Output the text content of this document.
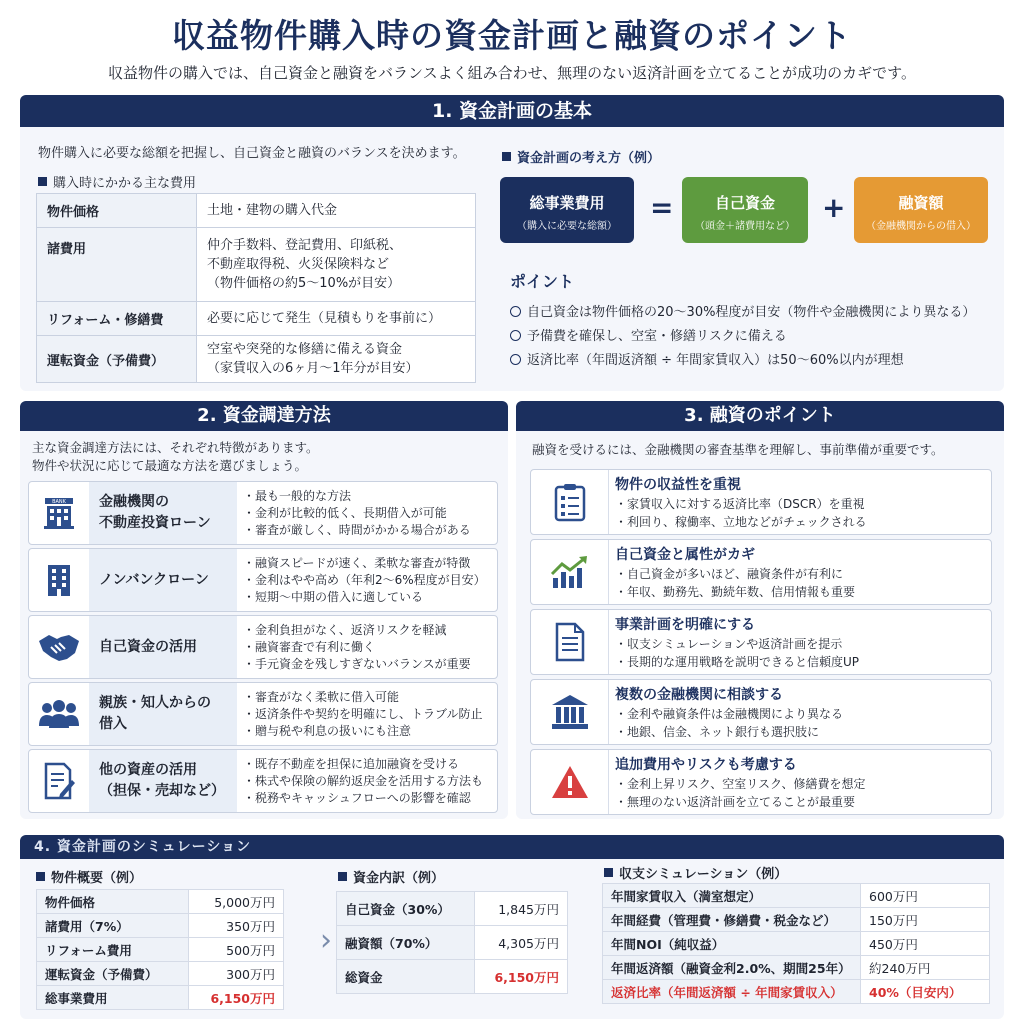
収益物件購入時の資金計画と融資のポイント
収益物件の購入では、自己資金と融資をバランスよく組み合わせ、無理のない返済計画を立てることが成功のカギです。
1. 資金計画の基本
物件購入に必要な総額を把握し、自己資金と融資のバランスを決めます。
購入時にかかる主な費用
物件価格	土地・建物の購入代金
諸費用	仲介手数料、登記費用、印紙税、
不動産取得税、火災保険料など
（物件価格の約5～10%が目安）
リフォーム・修繕費	必要に応じて発生（見積もりを事前に）
運転資金（予備費）	空室や突発的な修繕に備える資金
（家賃収入の6ヶ月～1年分が目安）
資金計画の考え方（例）
総事業費用
（購入に必要な総額）
=	自己資金
（頭金＋諸費用など）
+	融資額
（金融機関からの借入）
ポイント
自己資金は物件価格の20～30%程度が目安（物件や金融機関により異なる）
予備費を確保し、空室・修繕リスクに備える
返済比率（年間返済額 ÷ 年間家賃収入）は50～60%以内が理想
2. 資金調達方法
主な資金調達方法には、それぞれ特徴があります。
物件や状況に応じて最適な方法を選びましょう。
BANK	金融機関の
不動産投資ローン
・最も一般的な方法
・金利が比較的低く、長期借入が可能
・審査が厳しく、時間がかかる場合がある
ノンバンクローン
・融資スピードが速く、柔軟な審査が特徴
・金利はやや高め（年利2～6%程度が目安）
・短期～中期の借入に適している
自己資金の活用
・金利負担がなく、返済リスクを軽減
・融資審査で有利に働く
・手元資金を残しすぎないバランスが重要
親族・知人からの
借入
・審査がなく柔軟に借入可能
・返済条件や契約を明確にし、トラブル防止
・贈与税や利息の扱いにも注意
他の資産の活用
（担保・売却など）
・既存不動産を担保に追加融資を受ける
・株式や保険の解約返戻金を活用する方法も
・税務やキャッシュフローへの影響を確認
3. 融資のポイント
融資を受けるには、金融機関の審査基準を理解し、事前準備が重要です。
物件の収益性を重視
・家賃収入に対する返済比率（DSCR）を重視
・利回り、稼働率、立地などがチェックされる
自己資金と属性がカギ
・自己資金が多いほど、融資条件が有利に
・年収、勤務先、勤続年数、信用情報も重要
事業計画を明確にする
・収支シミュレーションや返済計画を提示
・長期的な運用戦略を説明できると信頼度UP
複数の金融機関に相談する
・金利や融資条件は金融機関により異なる
・地銀、信金、ネット銀行も選択肢に
追加費用やリスクも考慮する
・金利上昇リスク、空室リスク、修繕費を想定
・無理のない返済計画を立てることが最重要
4. 資金計画のシミュレーション
物件概要（例）
物件価格	5,000万円
諸費用（7%）	350万円
リフォーム費用	500万円
運転資金（予備費）	300万円
総事業費用	6,150万円
›
資金内訳（例）
自己資金（30%）	1,845万円
融資額（70%）	4,305万円
総資金	6,150万円
収支シミュレーション（例）
年間家賃収入（満室想定）	600万円
年間経費（管理費・修繕費・税金など）	150万円
年間NOI（純収益）	450万円
年間返済額（融資金利2.0%、期間25年）	約240万円
返済比率（年間返済額 ÷ 年間家賃収入）	40%（目安内）
